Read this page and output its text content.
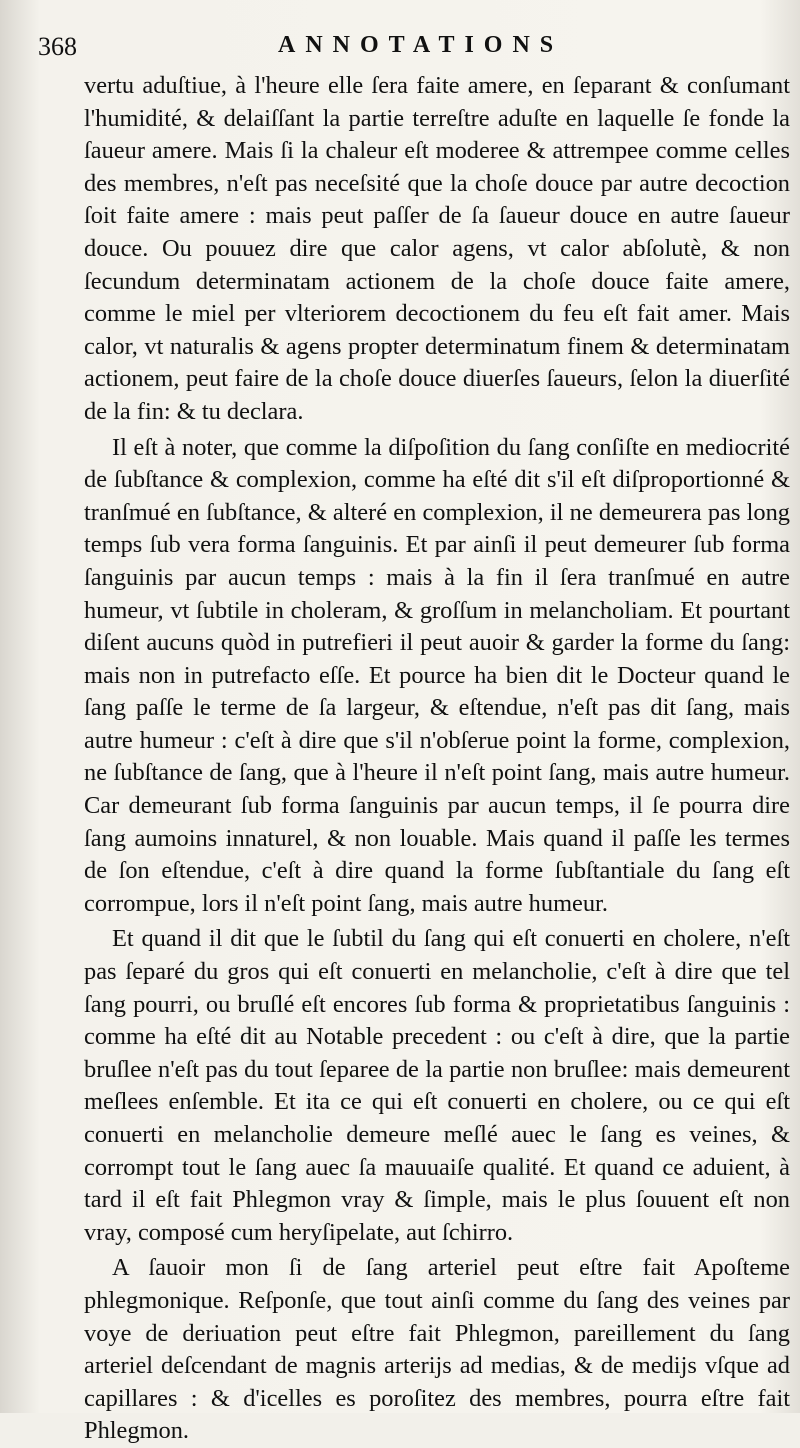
368	ANNOTATIONS

vertu aduſtiue, à l'heure elle ſera faite amere, en ſeparant & conſumant l'humidité, & delaiſſant la partie terreſtre aduſte en laquelle ſe fonde la ſaueur amere. Mais ſi la chaleur eſt moderee & attrempee comme celles des membres, n'eſt pas neceſsité que la choſe douce par autre decoction ſoit faite amere : mais peut paſſer de ſa ſaueur douce en autre ſaueur douce. Ou pouuez dire que calor agens, vt calor abſolutè, & non ſecundum determinatam actionem de la choſe douce faite amere, comme le miel per vlteriorem decoctionem du feu eſt fait amer. Mais calor, vt naturalis & agens propter determinatum finem & determinatam actionem, peut faire de la choſe douce diuerſes ſaueurs, ſelon la diuerſité de la fin: & tu declara.

Il eſt à noter, que comme la diſpoſition du ſang conſiſte en mediocrité de ſubſtance & complexion, comme ha eſté dit s'il eſt diſproportionné & tranſmué en ſubſtance, & alteré en complexion, il ne demeurera pas long temps ſub vera forma ſanguinis. Et par ainſi il peut demeurer ſub forma ſanguinis par aucun temps : mais à la fin il ſera tranſmué en autre humeur, vt ſubtile in choleram, & groſſum in melancholiam. Et pourtant diſent aucuns quòd in putrefieri il peut auoir & garder la forme du ſang: mais non in putrefacto eſſe. Et pource ha bien dit le Docteur quand le ſang paſſe le terme de ſa largeur, & eſtendue, n'eſt pas dit ſang, mais autre humeur : c'eſt à dire que s'il n'obſerue point la forme, complexion, ne ſubſtance de ſang, que à l'heure il n'eſt point ſang, mais autre humeur. Car demeurant ſub forma ſanguinis par aucun temps, il ſe pourra dire ſang aumoins innaturel, & non louable. Mais quand il paſſe les termes de ſon eſtendue, c'eſt à dire quand la forme ſubſtantiale du ſang eſt corrompue, lors il n'eſt point ſang, mais autre humeur.

Et quand il dit que le ſubtil du ſang qui eſt conuerti en cholere, n'eſt pas ſeparé du gros qui eſt conuerti en melancholie, c'eſt à dire que tel ſang pourri, ou bruſlé eſt encores ſub forma & proprietatibus ſanguinis : comme ha eſté dit au Notable precedent : ou c'eſt à dire, que la partie bruſlee n'eſt pas du tout ſeparee de la partie non bruſlee: mais demeurent meſlees enſemble. Et ita ce qui eſt conuerti en cholere, ou ce qui eſt conuerti en melancholie demeure meſlé auec le ſang es veines, & corrompt tout le ſang auec ſa mauuaiſe qualité. Et quand ce aduient, à tard il eſt fait Phlegmon vray & ſimple, mais le plus ſouuent eſt non vray, composé cum heryſipelate, aut ſchirro.

A ſauoir mon ſi de ſang arteriel peut eſtre fait Apoſteme phlegmonique. Reſponſe, que tout ainſi comme du ſang des veines par voye de deriuation peut eſtre fait Phlegmon, pareillement du ſang arteriel deſcendant de magnis arterijs ad medias, & de medijs vſque ad capillares : & d'icelles es poroſitez des membres, pourra eſtre fait Phlegmon.
